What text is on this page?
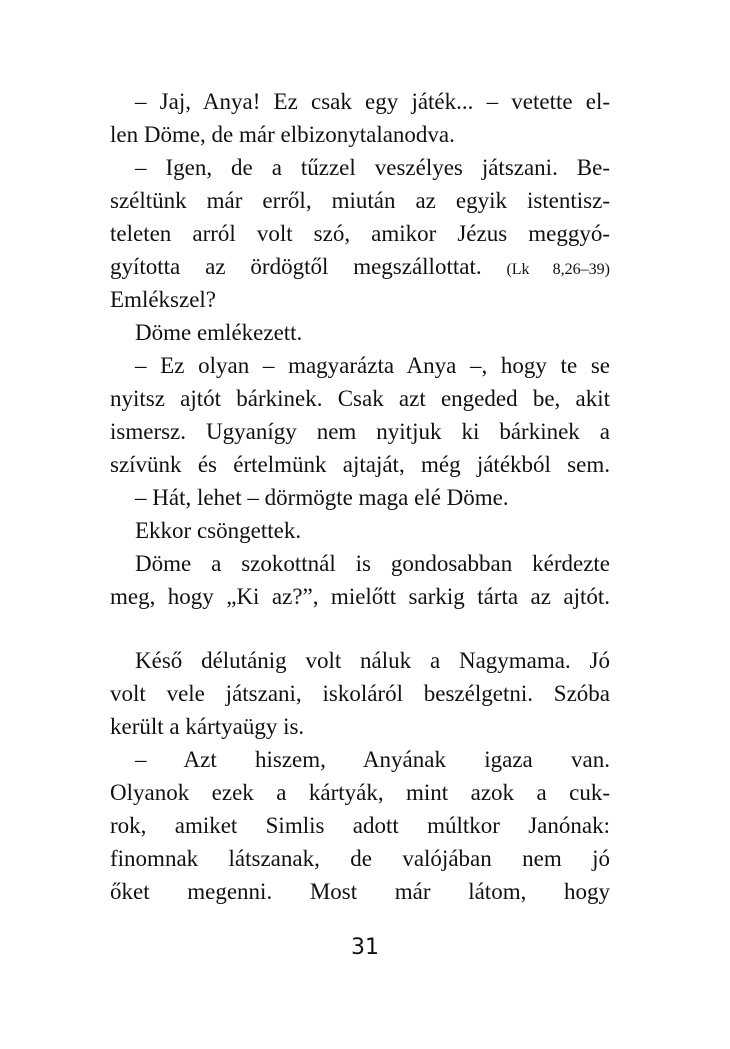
– Jaj, Anya! Ez csak egy játék... – vetette el-
len Döme, de már elbizonytalanodva.
– Igen, de a tűzzel veszélyes játszani. Be-
széltünk már erről, miután az egyik istentisz-
teleten arról volt szó, amikor Jézus meggyó-
gyította az ördögtől megszállottat. (Lk 8,26–39)
Emlékszel?
Döme emlékezett.
– Ez olyan – magyarázta Anya –, hogy te se
nyitsz ajtót bárkinek. Csak azt engeded be, akit
ismersz. Ugyanígy nem nyitjuk ki bárkinek a
szívünk és értelmünk ajtaját, még játékból sem.
– Hát, lehet – dörmögte maga elé Döme.
Ekkor csöngettek.
Döme a szokottnál is gondosabban kérdezte
meg, hogy „Ki az?”, mielőtt sarkig tárta az ajtót.
Késő délutánig volt náluk a Nagymama. Jó
volt vele játszani, iskoláról beszélgetni. Szóba
került a kártyaügy is.
– Azt hiszem, Anyának igaza van.
Olyanok ezek a kártyák, mint azok a cuk-
rok, amiket Simlis adott múltkor Janónak:
finomnak látszanak, de valójában nem jó
őket megenni. Most már látom, hogy
31
